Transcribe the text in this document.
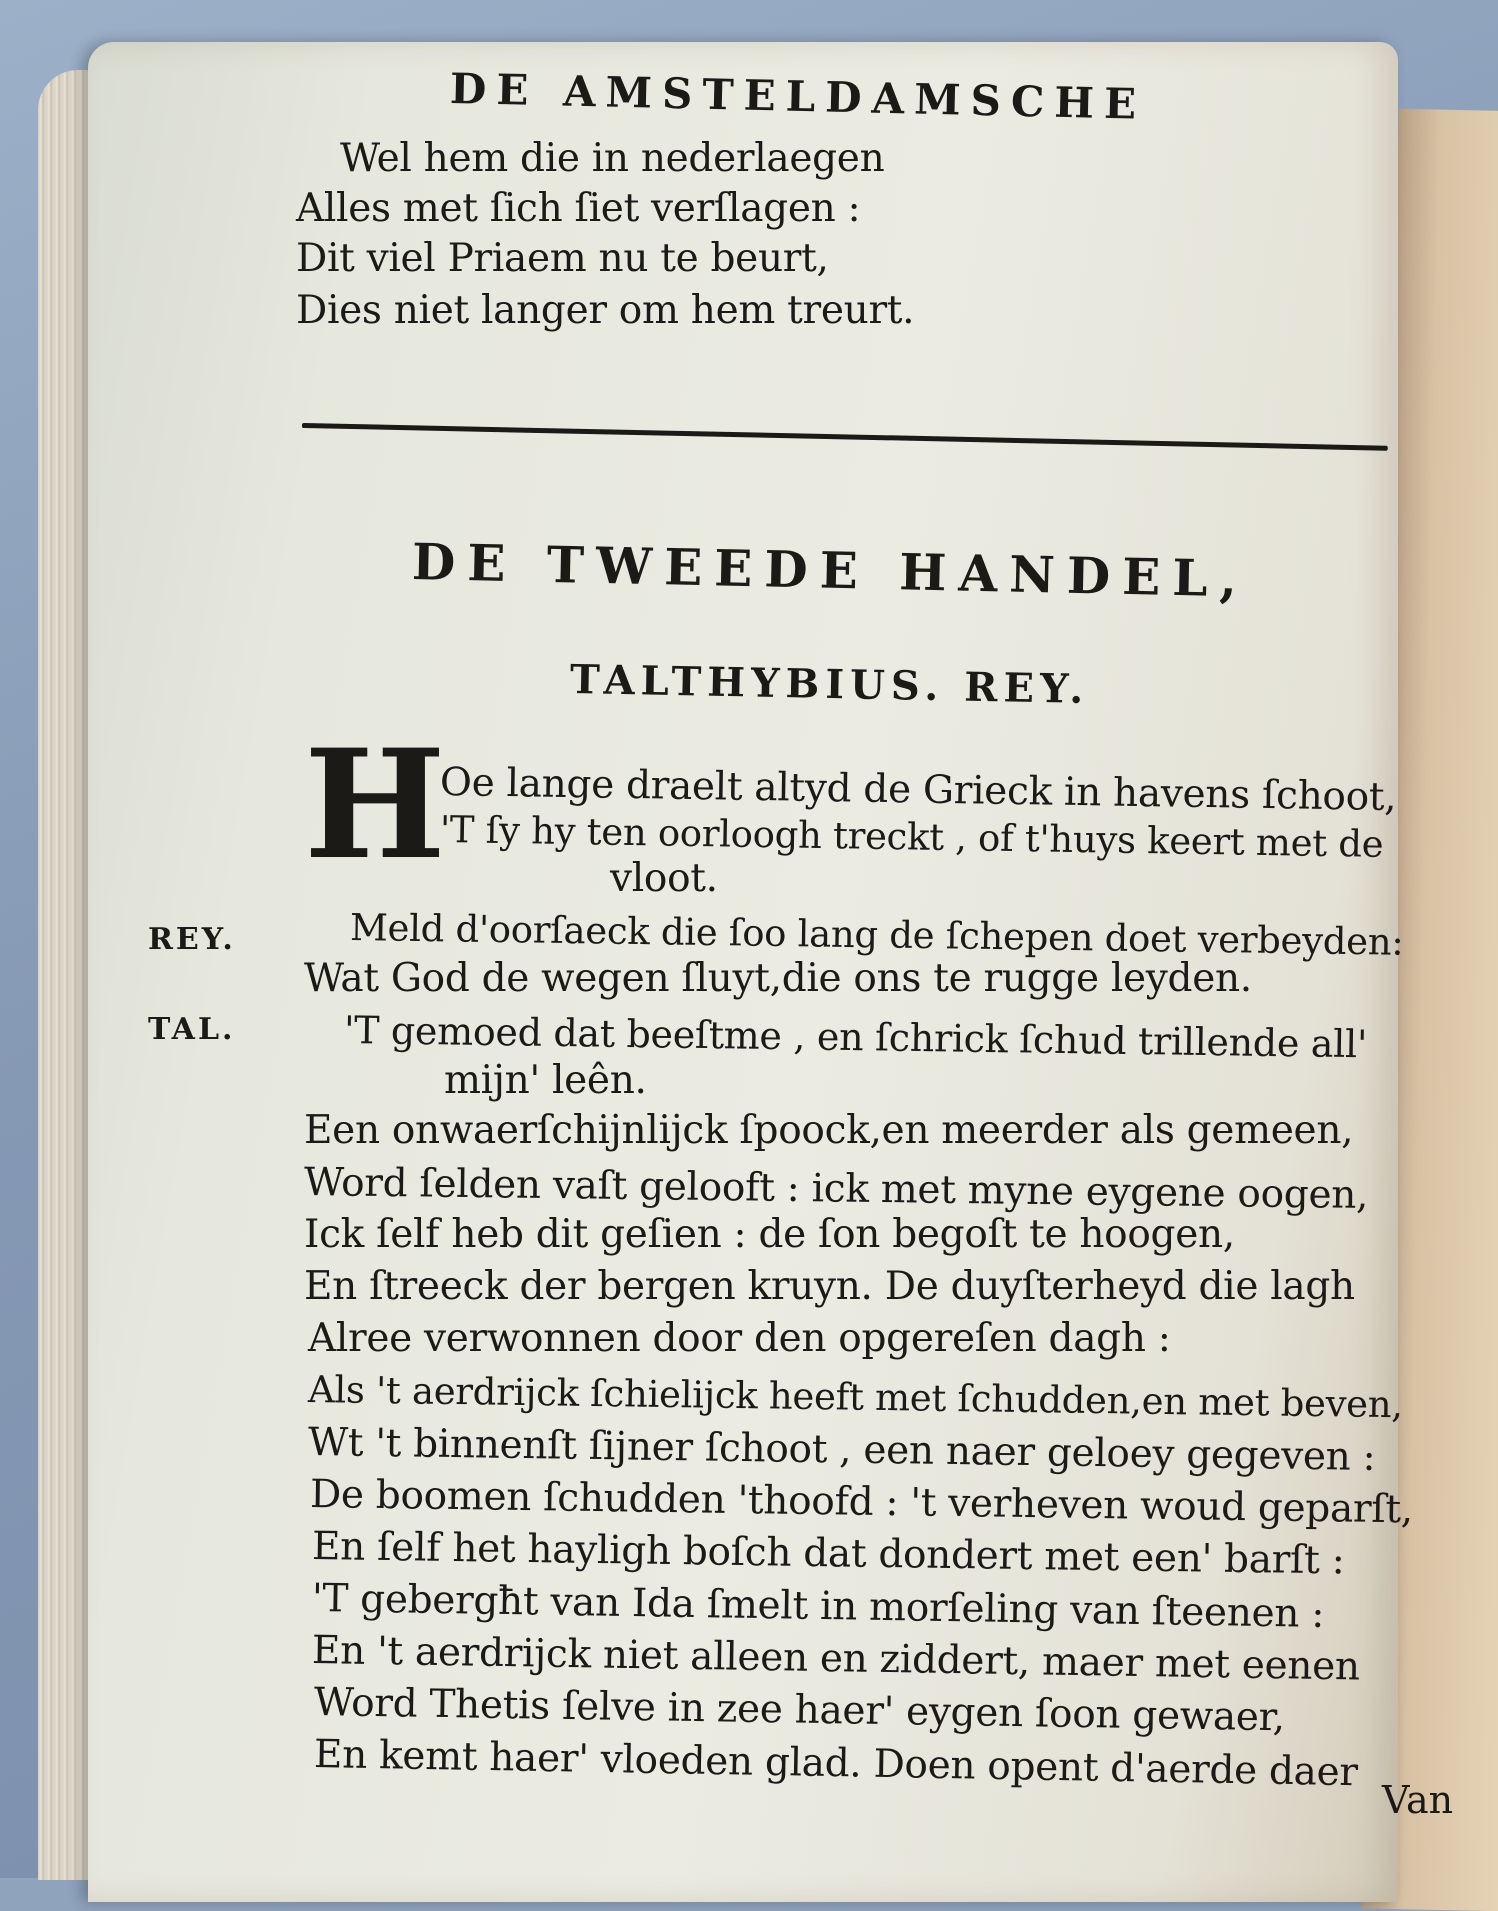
DE AMSTELDAMSCHE
Wel hem die in nederlaegen
Alles met ſich ſiet verſlagen :
Dit viel Priaem nu te beurt,
Dies niet langer om hem treurt.
DE TWEEDE HANDEL,
TALTHYBIUS. REY.
H
REY.
TAL.
Oe lange draelt altyd de Grieck in havens ſchoot,
'T ſy hy ten oorloogh treckt , of t'huys keert met de
vloot.
Meld d'oorſaeck die ſoo lang de ſchepen doet verbeyden:
Wat God de wegen ſluyt,die ons te rugge leyden.
'T gemoed dat beeſtme , en ſchrick ſchud trillende all'
mijn' leên.
Een onwaerſchijnlijck ſpoock,en meerder als gemeen,
Word ſelden vaſt gelooft : ick met myne eygene oogen,
Ick ſelf heb dit geſien : de ſon begoſt te hoogen,
En ſtreeck der bergen kruyn. De duyſterheyd die lagh
Alree verwonnen door den opgereſen dagh :
Als 't aerdrijck ſchielijck heeft met ſchudden,en met beven,
Wt 't binnenſt ſijner ſchoot , een naer geloey gegeven :
De boomen ſchudden 'thoofd : 't verheven woud geparſt,
En ſelf het hayligh boſch dat dondert met een' barſt :
'T gebergħt van Ida ſmelt in morſeling van ſteenen :
En 't aerdrijck niet alleen en ziddert, maer met eenen
Word Thetis ſelve in zee haer' eygen ſoon gewaer,
En kemt haer' vloeden glad. Doen opent d'aerde daer
Van
